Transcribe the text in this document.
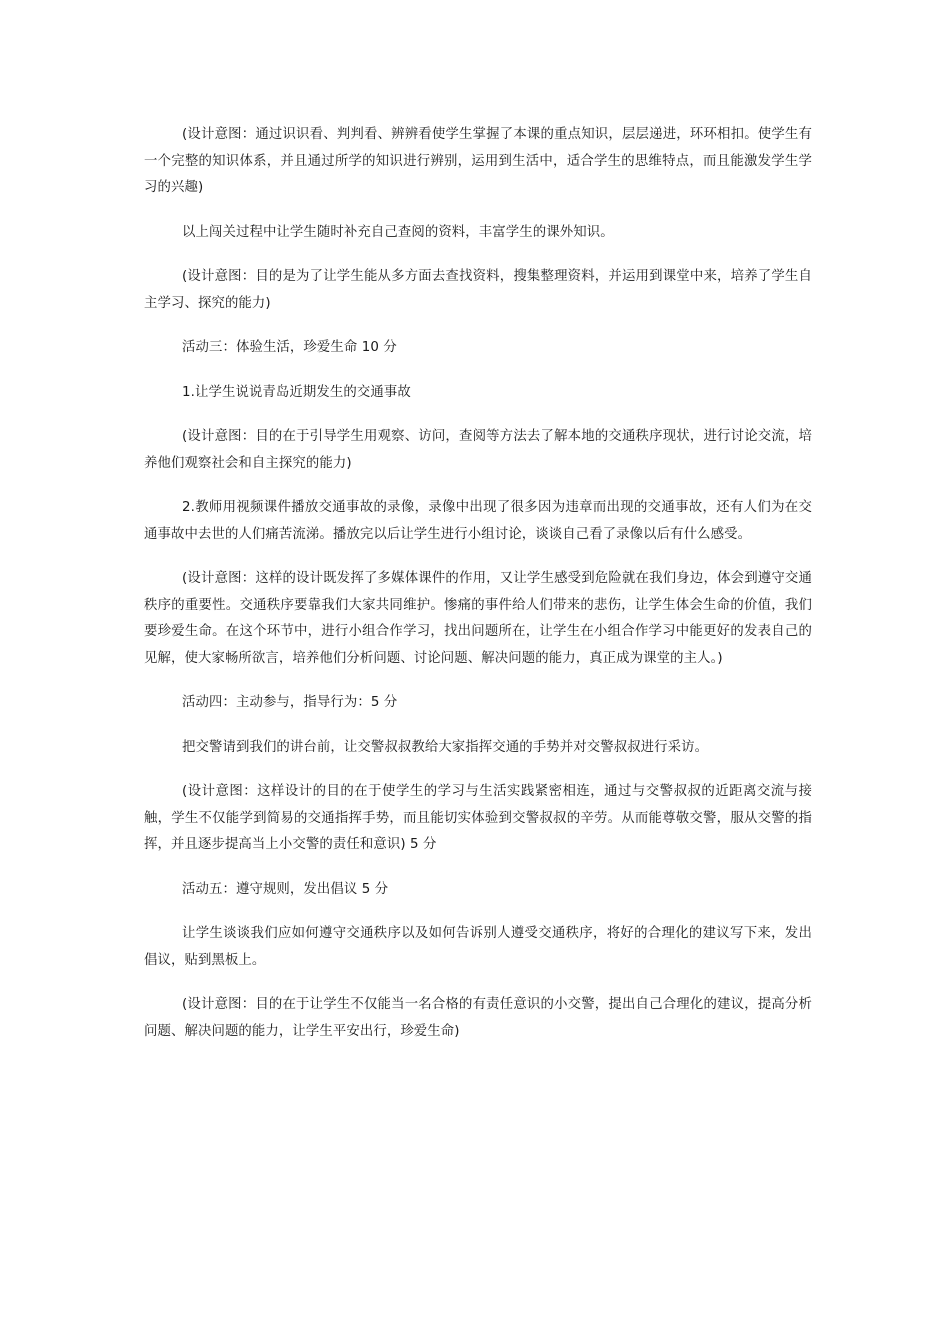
(设计意图：通过识识看、判判看、辨辨看使学生掌握了本课的重点知识，层层递进，环环相扣。使学生有一个完整的知识体系，并且通过所学的知识进行辨别，运用到生活中，适合学生的思维特点，而且能激发学生学习的兴趣)

以上闯关过程中让学生随时补充自己查阅的资料，丰富学生的课外知识。

(设计意图：目的是为了让学生能从多方面去查找资料，搜集整理资料，并运用到课堂中来，培养了学生自主学习、探究的能力)

活动三：体验生活，珍爱生命 10 分

1.让学生说说青岛近期发生的交通事故

(设计意图：目的在于引导学生用观察、访问，查阅等方法去了解本地的交通秩序现状，进行讨论交流，培养他们观察社会和自主探究的能力)

2.教师用视频课件播放交通事故的录像，录像中出现了很多因为违章而出现的交通事故，还有人们为在交通事故中去世的人们痛苦流涕。播放完以后让学生进行小组讨论，谈谈自己看了录像以后有什么感受。

(设计意图：这样的设计既发挥了多媒体课件的作用，又让学生感受到危险就在我们身边，体会到遵守交通秩序的重要性。交通秩序要靠我们大家共同维护。惨痛的事件给人们带来的悲伤，让学生体会生命的价值，我们要珍爱生命。在这个环节中，进行小组合作学习，找出问题所在，让学生在小组合作学习中能更好的发表自己的见解，使大家畅所欲言，培养他们分析问题、讨论问题、解决问题的能力，真正成为课堂的主人。)

活动四：主动参与，指导行为：5 分

把交警请到我们的讲台前，让交警叔叔教给大家指挥交通的手势并对交警叔叔进行采访。

(设计意图：这样设计的目的在于使学生的学习与生活实践紧密相连，通过与交警叔叔的近距离交流与接触，学生不仅能学到简易的交通指挥手势，而且能切实体验到交警叔叔的辛劳。从而能尊敬交警，服从交警的指挥，并且逐步提高当上小交警的责任和意识) 5 分

活动五：遵守规则，发出倡议 5 分

让学生谈谈我们应如何遵守交通秩序以及如何告诉别人遵受交通秩序，将好的合理化的建议写下来，发出倡议，贴到黑板上。

(设计意图：目的在于让学生不仅能当一名合格的有责任意识的小交警，提出自己合理化的建议，提高分析问题、解决问题的能力，让学生平安出行，珍爱生命)
